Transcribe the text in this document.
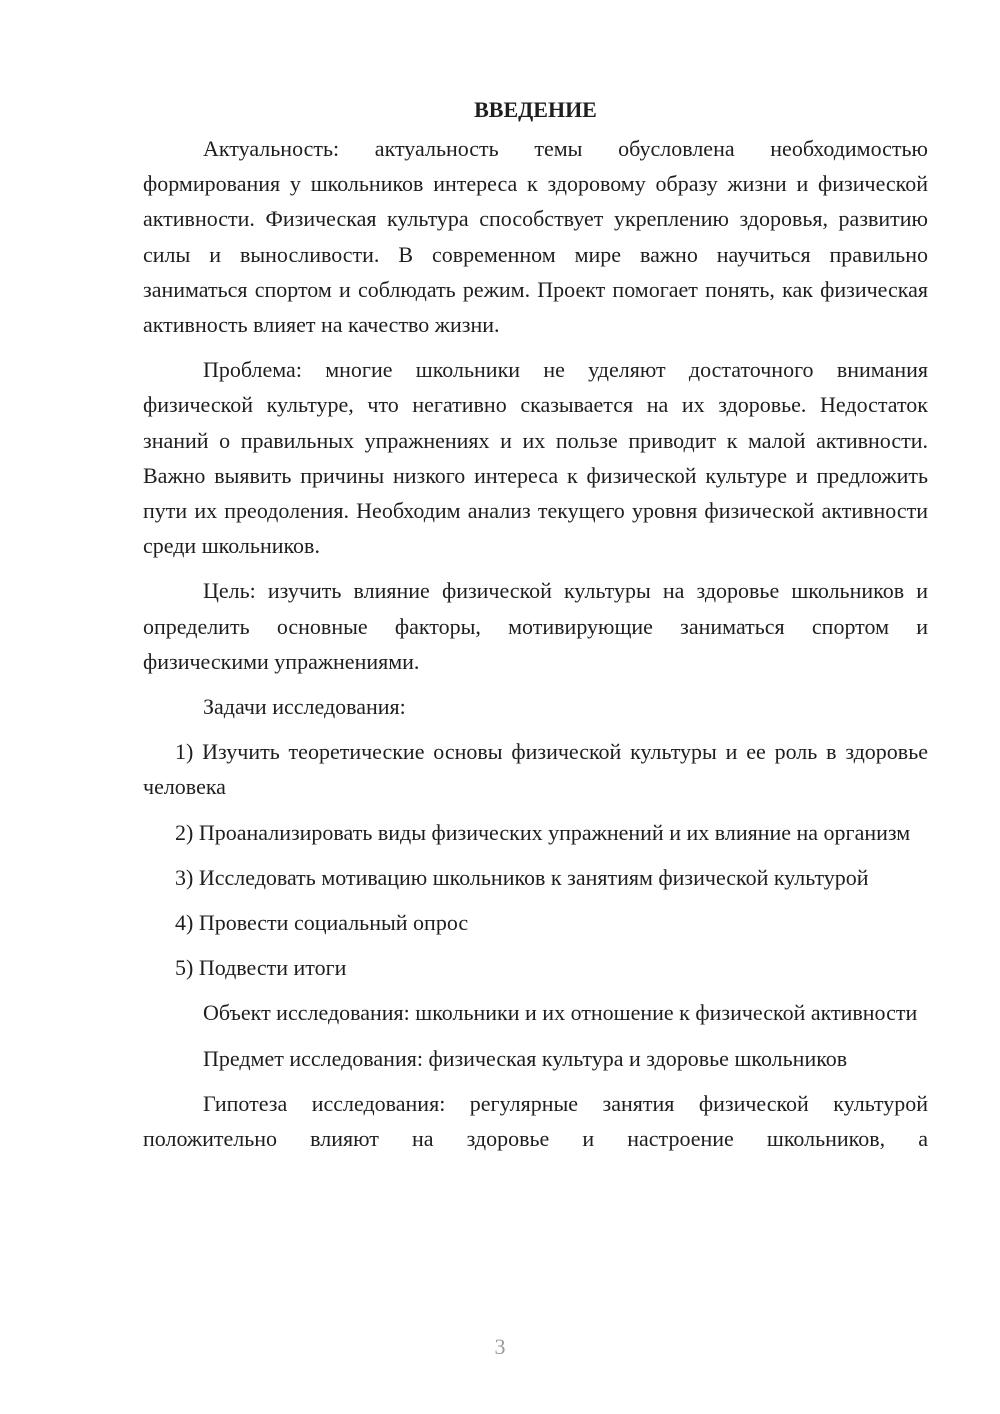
ВВЕДЕНИЕ

Актуальность: актуальность темы обусловлена необходимостью формирования у школьников интереса к здоровому образу жизни и физической активности. Физическая культура способствует укреплению здоровья, развитию силы и выносливости. В современном мире важно научиться правильно заниматься спортом и соблюдать режим. Проект помогает понять, как физическая активность влияет на качество жизни.

Проблема: многие школьники не уделяют достаточного внимания физической культуре, что негативно сказывается на их здоровье. Недостаток знаний о правильных упражнениях и их пользе приводит к малой активности. Важно выявить причины низкого интереса к физической культуре и предложить пути их преодоления. Необходим анализ текущего уровня физической активности среди школьников.

Цель: изучить влияние физической культуры на здоровье школьников и определить основные факторы, мотивирующие заниматься спортом и физическими упражнениями.

Задачи исследования:

1) Изучить теоретические основы физической культуры и ее роль в здоровье человека

2) Проанализировать виды физических упражнений и их влияние на организм

3) Исследовать мотивацию школьников к занятиям физической культурой

4) Провести социальный опрос

5) Подвести итоги

Объект исследования: школьники и их отношение к физической активности

Предмет исследования: физическая культура и здоровье школьников

Гипотеза исследования: регулярные занятия физической культурой положительно влияют на здоровье и настроение школьников, а

3
